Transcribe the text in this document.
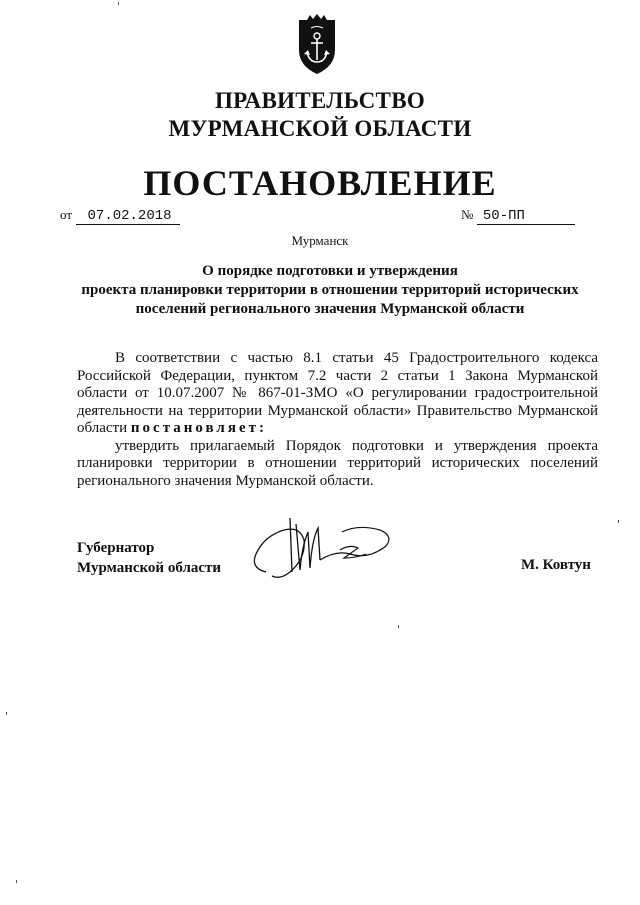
ПРАВИТЕЛЬСТВО
МУРМАНСКОЙ ОБЛАСТИ
ПОСТАНОВЛЕНИЕ
от 07.02.2018	№ 50-ПП
Мурманск
О порядке подготовки и утверждения
проекта планировки территории в отношении территорий исторических
поселений регионального значения Мурманской области

В соответствии с частью 8.1 статьи 45 Градостроительного кодекса Российской Федерации, пунктом 7.2 части 2 статьи 1 Закона Мурманской области от 10.07.2007 № 867-01-ЗМО «О регулировании градостроительной деятельности на территории Мурманской области» Правительство Мурманской области постановляет:

утвердить прилагаемый Порядок подготовки и утверждения проекта планировки территории в отношении территорий исторических поселений регионального значения Мурманской области.

Губернатор
Мурманской области	М. Ковтун
